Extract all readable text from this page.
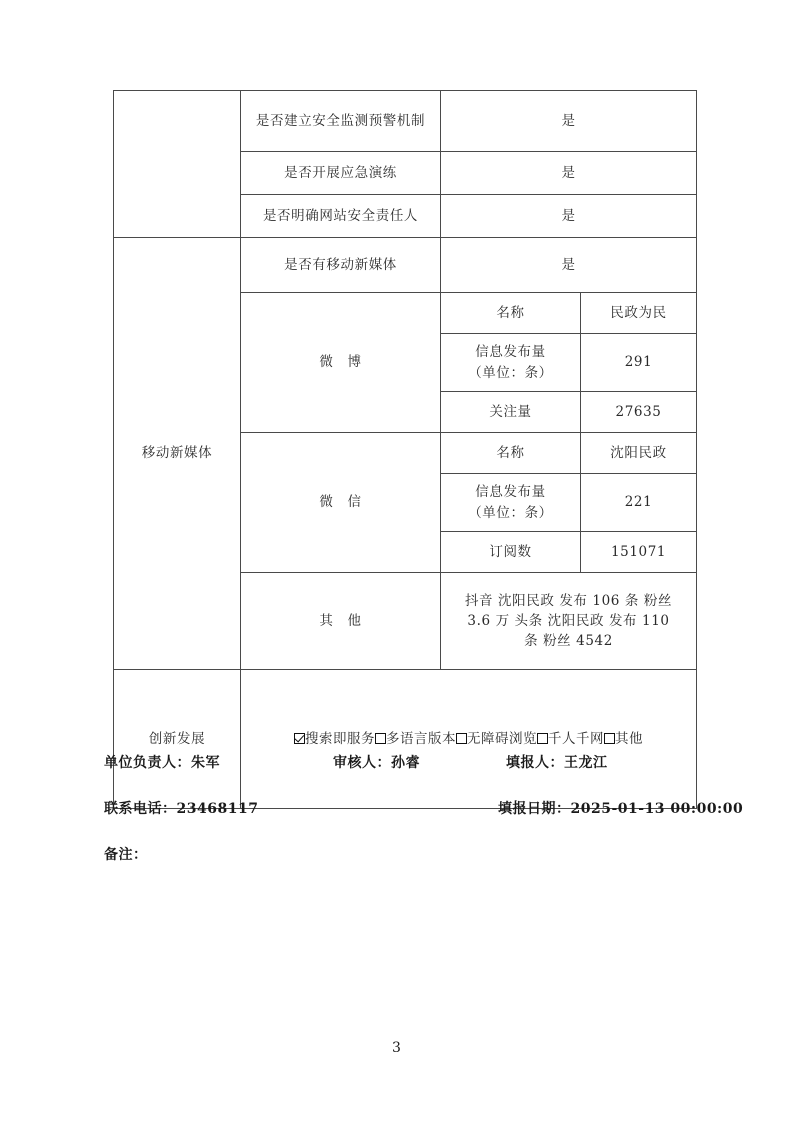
	是否建立安全监测预警机制	是	
	是否开展应急演练	是	
	是否明确网站安全责任人	是	
移动新媒体	是否有移动新媒体	是	
	微　博	名称	民政为民
		信息发布量
（单位：条）	291
		关注量	27635
	微　信	名称	沈阳民政
		信息发布量
（单位：条）	221
		订阅数	151071
	其　他	抖音 沈阳民政 发布 106 条 粉丝
3.6 万 头条 沈阳民政 发布 110
条 粉丝 4542	

创新发展	搜索即服务 多语言版本 无障碍浏览 千人千网 其他		
单位负责人：朱军	审核人：孙睿	填报人：王龙江
联系电话：23468117	填报日期：2025-01-13 00:00:00
备注：
3
